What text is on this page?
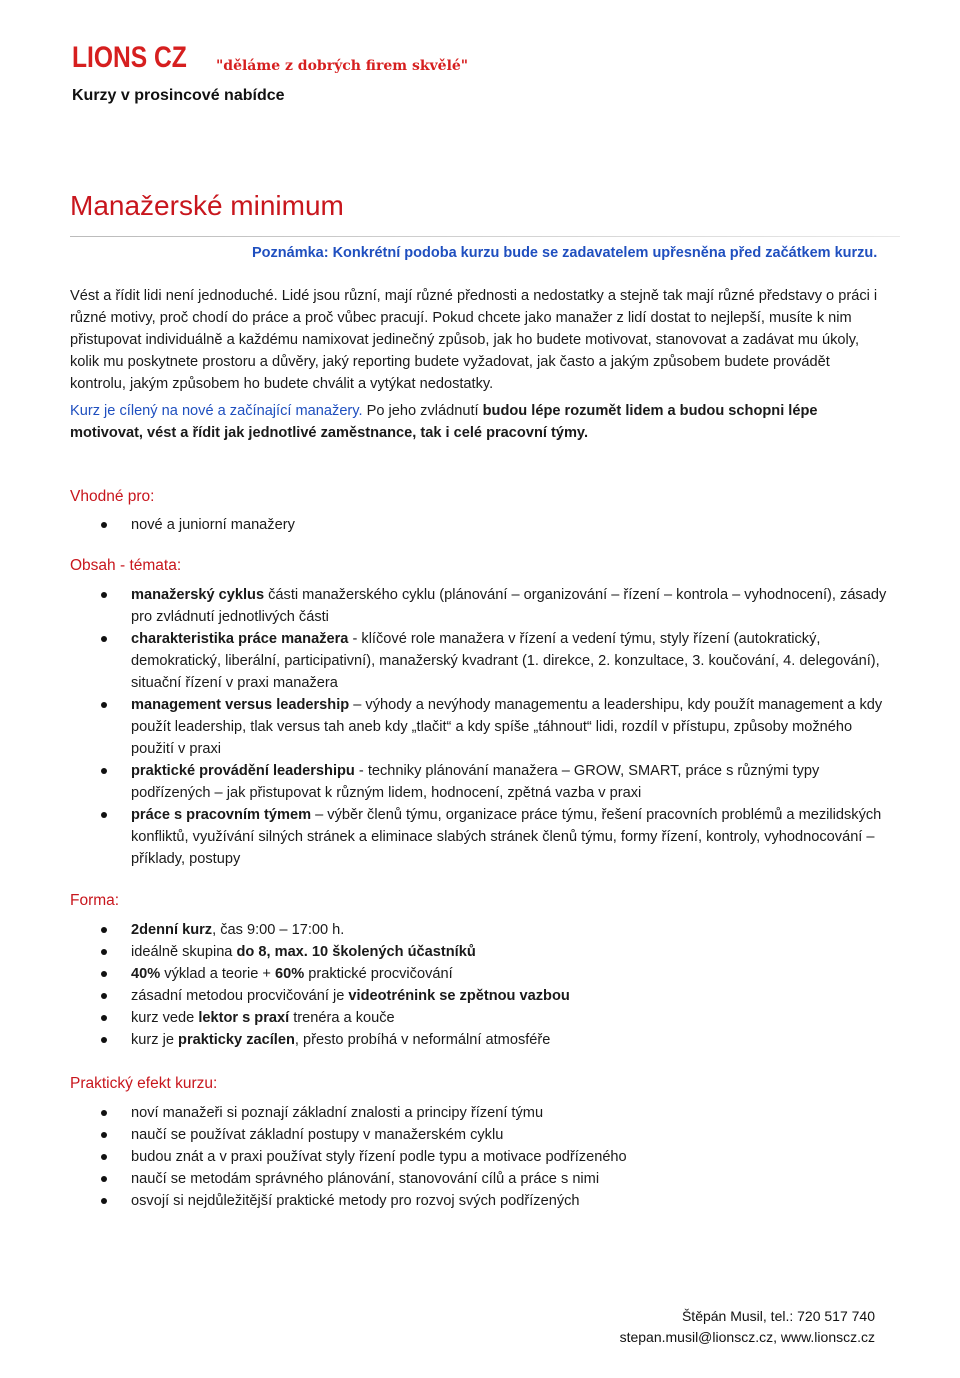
LIONS CZ	"děláme z dobrých firem skvělé"
Kurzy v prosincové nabídce
Manažerské minimum
Poznámka: Konkrétní podoba kurzu bude se zadavatelem upřesněna před začátkem kurzu.

Vést a řídit lidi není jednoduché. Lidé jsou různí, mají různé přednosti a nedostatky a stejně tak mají různé představy o práci i různé motivy, proč chodí do práce a proč vůbec pracují. Pokud chcete jako manažer z lidí dostat to nejlepší, musíte k nim přistupovat individuálně a každému namixovat jedinečný způsob, jak ho budete motivovat, stanovovat a zadávat mu úkoly, kolik mu poskytnete prostoru a důvěry, jaký reporting budete vyžadovat, jak často a jakým způsobem budete provádět kontrolu, jakým způsobem ho budete chválit a vytýkat nedostatky.

Kurz je cílený na nové a začínající manažery. Po jeho zvládnutí budou lépe rozumět lidem a budou schopni lépe motivovat, vést a řídit jak jednotlivé zaměstnance, tak i celé pracovní týmy.

Vhodné pro:
nové a juniorní manažery
Obsah - témata:
manažerský cyklus části manažerského cyklu (plánování – organizování – řízení – kontrola – vyhodnocení), zásady pro zvládnutí jednotlivých části
charakteristika práce manažera - klíčové role manažera v řízení a vedení týmu, styly řízení (autokratický, demokratický, liberální, participativní), manažerský kvadrant (1. direkce, 2. konzultace, 3. koučování, 4. delegování), situační řízení v praxi manažera
management versus leadership – výhody a nevýhody managementu a leadershipu, kdy použít management a kdy použít leadership, tlak versus tah aneb kdy „tlačit“ a kdy spíše „táhnout“ lidi, rozdíl v přístupu, způsoby možného použití v praxi
praktické provádění leadershipu - techniky plánování manažera – GROW, SMART, práce s různými typy podřízených – jak přistupovat k různým lidem, hodnocení, zpětná vazba v praxi
práce s pracovním týmem – výběr členů týmu, organizace práce týmu, řešení pracovních problémů a mezilidských konfliktů, využívání silných stránek a eliminace slabých stránek členů týmu, formy řízení, kontroly, vyhodnocování – příklady, postupy
Forma:
2denní kurz, čas 9:00 – 17:00 h.
ideálně skupina do 8, max. 10 školených účastníků
40% výklad a teorie + 60% praktické procvičování
zásadní metodou procvičování je videotrénink se zpětnou vazbou
kurz vede lektor s praxí trenéra a kouče
kurz je prakticky zacílen, přesto probíhá v neformální atmosféře
Praktický efekt kurzu:
noví manažeři si poznají základní znalosti a principy řízení týmu
naučí se používat základní postupy v manažerském cyklu
budou znát a v praxi používat styly řízení podle typu a motivace podřízeného
naučí se metodám správného plánování, stanovování cílů a práce s nimi
osvojí si nejdůležitější praktické metody pro rozvoj svých podřízených
Štěpán Musil, tel.: 720 517 740
stepan.musil@lionscz.cz, www.lionscz.cz
